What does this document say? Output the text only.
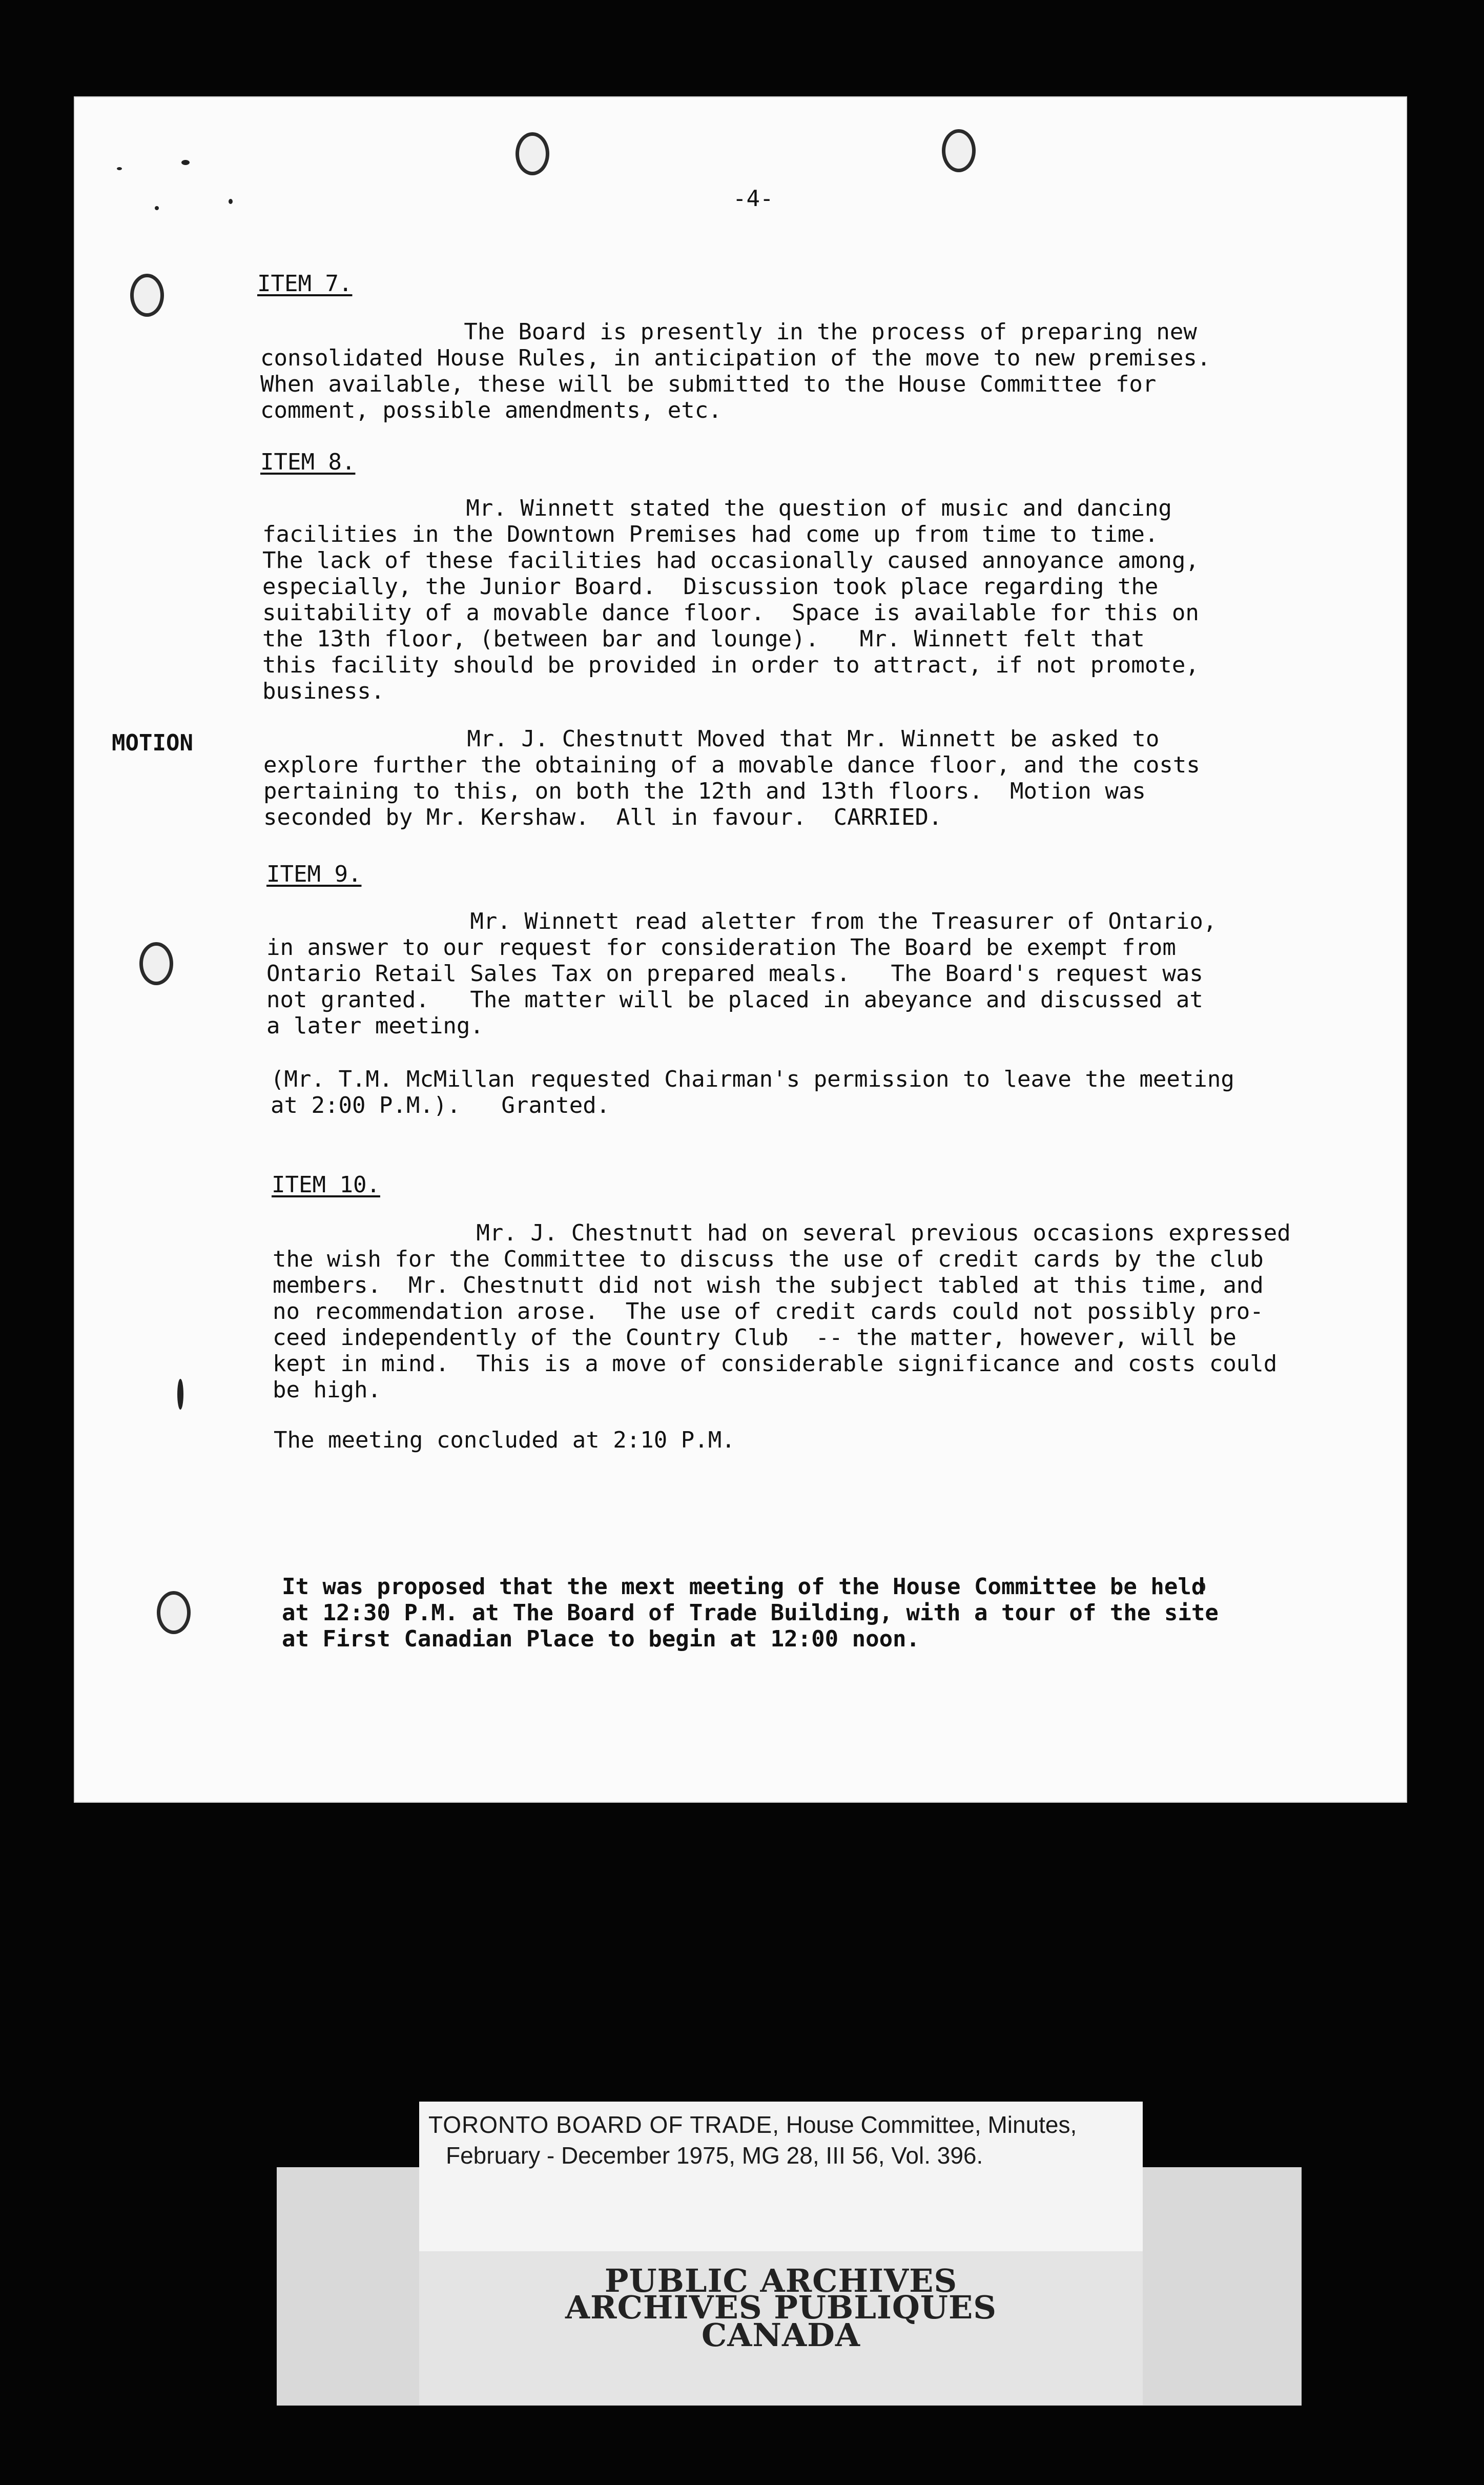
-4-

ITEM 7.

The Board is presently in the process of preparing new
consolidated House Rules, in anticipation of the move to new premises.
When available, these will be submitted to the House Committee for
comment, possible amendments, etc.

ITEM 8.

Mr. Winnett stated the question of music and dancing
facilities in the Downtown Premises had come up from time to time.
The lack of these facilities had occasionally caused annoyance among,
especially, the Junior Board.  Discussion took place regarding the
suitability of a movable dance floor.  Space is available for this on
the 13th floor, (between bar and lounge).   Mr. Winnett felt that
this facility should be provided in order to attract, if not promote,
business.

MOTION	Mr. J. Chestnutt Moved that Mr. Winnett be asked to
explore further the obtaining of a movable dance floor, and the costs
pertaining to this, on both the 12th and 13th floors.  Motion was
seconded by Mr. Kershaw.  All in favour.  CARRIED.

ITEM 9.

Mr. Winnett read aletter from the Treasurer of Ontario,
in answer to our request for consideration The Board be exempt from
Ontario Retail Sales Tax on prepared meals.   The Board's request was
not granted.   The matter will be placed in abeyance and discussed at
a later meeting.

(Mr. T.M. McMillan requested Chairman's permission to leave the meeting
at 2:00 P.M.).   Granted.

ITEM 10.

Mr. J. Chestnutt had on several previous occasions expressed
the wish for the Committee to discuss the use of credit cards by the club
members.  Mr. Chestnutt did not wish the subject tabled at this time, and
no recommendation arose.  The use of credit cards could not possibly pro-
ceed independently of the Country Club  -- the matter, however, will be
kept in mind.  This is a move of considerable significance and costs could
be high.

The meeting concluded at 2:10 P.M.

It was proposed that the mext meeting of the House Committee be held
at 12:30 P.M. at The Board of Trade Building, with a tour of the site
at First Canadian Place to begin at 12:00 noon.

TORONTO BOARD OF TRADE, House Committee, Minutes,

February - December 1975, MG 28, III 56, Vol. 396.

PUBLIC ARCHIVES

ARCHIVES PUBLIQUES

CANADA
